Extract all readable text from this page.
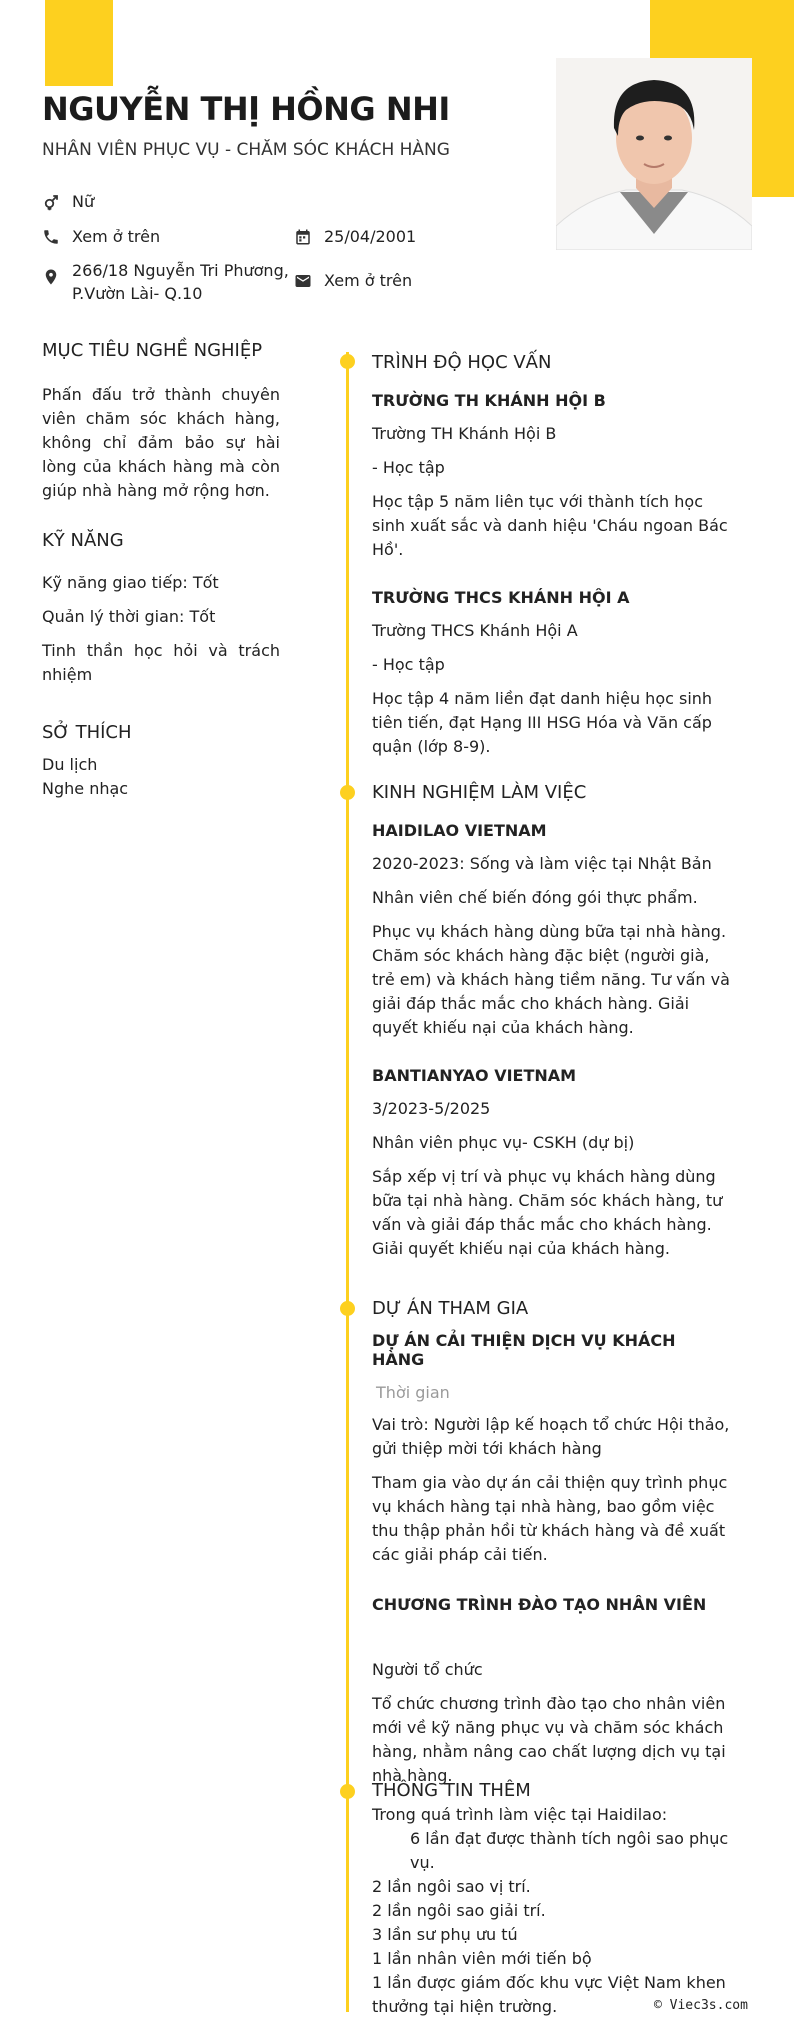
NGUYỄN THỊ HỒNG NHI
NHÂN VIÊN PHỤC VỤ - CHĂM SÓC KHÁCH HÀNG
Nữ
Xem ở trên	25/04/2001
266/18 Nguyễn Tri Phương,
P.Vườn Lài- Q.10
Xem ở trên
MỤC TIÊU NGHỀ NGHIỆP
Phấn đấu trở thành chuyên viên chăm sóc khách hàng, không chỉ đảm bảo sự hài lòng của khách hàng mà còn giúp nhà hàng mở rộng hơn.
KỸ NĂNG
Kỹ năng giao tiếp: Tốt
Quản lý thời gian: Tốt
Tinh thần học hỏi và trách nhiệm
SỞ THÍCH
Du lịch
Nghe nhạc
TRÌNH ĐỘ HỌC VẤN
TRƯỜNG TH KHÁNH HỘI B
Trường TH Khánh Hội B
- Học tập
Học tập 5 năm liên tục với thành tích học sinh xuất sắc và danh hiệu 'Cháu ngoan Bác Hồ'.
TRƯỜNG THCS KHÁNH HỘI A
Trường THCS Khánh Hội A
- Học tập
Học tập 4 năm liền đạt danh hiệu học sinh tiên tiến, đạt Hạng III HSG Hóa và Văn cấp quận (lớp 8-9).
KINH NGHIỆM LÀM VIỆC
HAIDILAO VIETNAM
2020-2023: Sống và làm việc tại Nhật Bản
Nhân viên chế biến đóng gói thực phẩm.
Phục vụ khách hàng dùng bữa tại nhà hàng. Chăm sóc khách hàng đặc biệt (người già, trẻ em) và khách hàng tiềm năng. Tư vấn và giải đáp thắc mắc cho khách hàng. Giải quyết khiếu nại của khách hàng.
BANTIANYAO VIETNAM
3/2023-5/2025
Nhân viên phục vụ- CSKH (dự bị)
Sắp xếp vị trí và phục vụ khách hàng dùng bữa tại nhà hàng. Chăm sóc khách hàng, tư vấn và giải đáp thắc mắc cho khách hàng. Giải quyết khiếu nại của khách hàng.
DỰ ÁN THAM GIA
DỰ ÁN CẢI THIỆN DỊCH VỤ KHÁCH HÀNG
Thời gian
Vai trò: Người lập kế hoạch tổ chức Hội thảo, gửi thiệp mời tới khách hàng
Tham gia vào dự án cải thiện quy trình phục vụ khách hàng tại nhà hàng, bao gồm việc thu thập phản hồi từ khách hàng và đề xuất các giải pháp cải tiến.
CHƯƠNG TRÌNH ĐÀO TẠO NHÂN VIÊN
Người tổ chức
Tổ chức chương trình đào tạo cho nhân viên mới về kỹ năng phục vụ và chăm sóc khách hàng, nhằm nâng cao chất lượng dịch vụ tại nhà hàng.
THÔNG TIN THÊM
Trong quá trình làm việc tại Haidilao:
6 lần đạt được thành tích ngôi sao phục vụ.
2 lần ngôi sao vị trí.
2 lần ngôi sao giải trí.
3 lần sư phụ ưu tú
1 lần nhân viên mới tiến bộ
1 lần được giám đốc khu vực Việt Nam khen thưởng tại hiện trường.	© Viec3s.com
